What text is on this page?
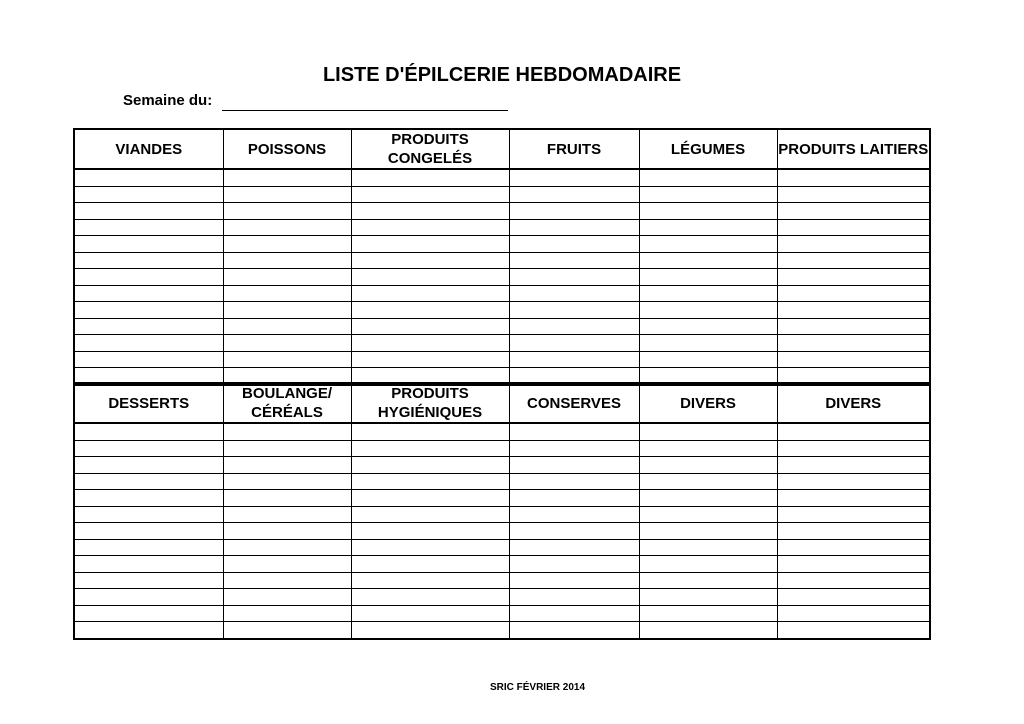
LISTE D'ÉPILCERIE HEBDOMADAIRE
Semaine du:
VIANDES	POISSONS	PRODUITS CONGELÉS	FRUITS	LÉGUMES	PRODUITS LAITIERS

DESSERTS	BOULANGE/ CÉRÉALS	PRODUITS HYGIÉNIQUES	CONSERVES	DIVERS	DIVERS

SRIC FÉVRIER 2014
